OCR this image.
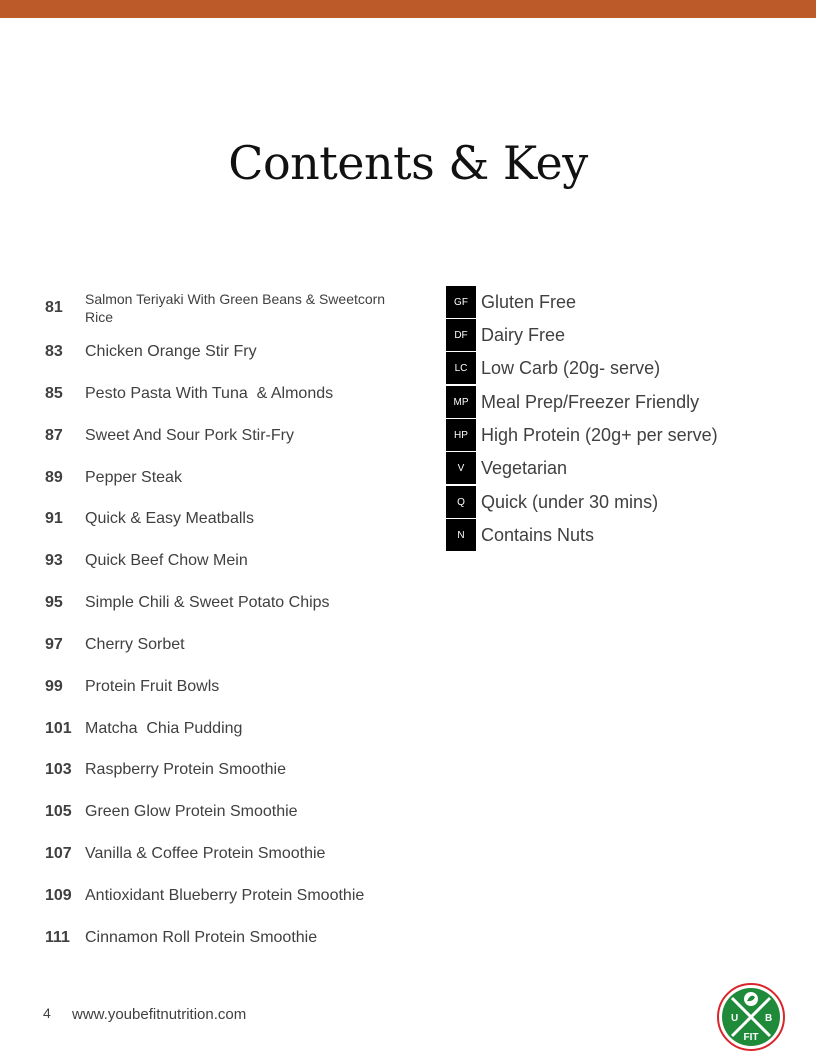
Contents & Key
81	Salmon Teriyaki With Green Beans & Sweetcorn Rice
83	Chicken Orange Stir Fry
85	Pesto Pasta With Tuna  & Almonds
87	Sweet And Sour Pork Stir-Fry
89	Pepper Steak
91	Quick & Easy Meatballs
93	Quick Beef Chow Mein
95	Simple Chili & Sweet Potato Chips
97	Cherry Sorbet
99	Protein Fruit Bowls
101 Matcha  Chia Pudding
103 Raspberry Protein Smoothie
105 Green Glow Protein Smoothie
107 Vanilla & Coffee Protein Smoothie
109 Antioxidant Blueberry Protein Smoothie
111 Cinnamon Roll Protein Smoothie
GF Gluten Free
DF Dairy Free
LC Low Carb (20g- serve)
MP Meal Prep/Freezer Friendly
HP High Protein (20g+ per serve)
V Vegetarian
Q Quick (under 30 mins)
N Contains Nuts
4 www.youbefitnutrition.com	U	B
FIT
